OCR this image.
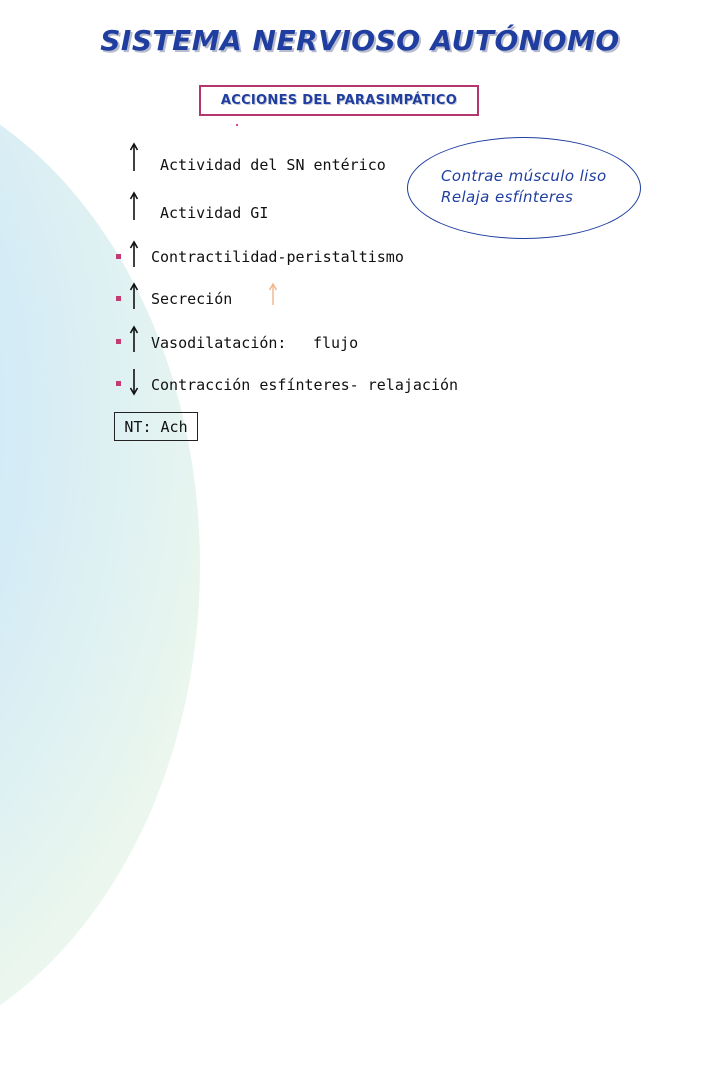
SISTEMA NERVIOSO AUTÓNOMO
ACCIONES DEL PARASIMPÁTICO
Actividad del SN entérico
Actividad GI
Contrae músculo liso
Relaja esfínteres
Contractilidad-peristaltismo
Secreción
Vasodilatación: flujo
Contracción esfínteres- relajación
NT: Ach
